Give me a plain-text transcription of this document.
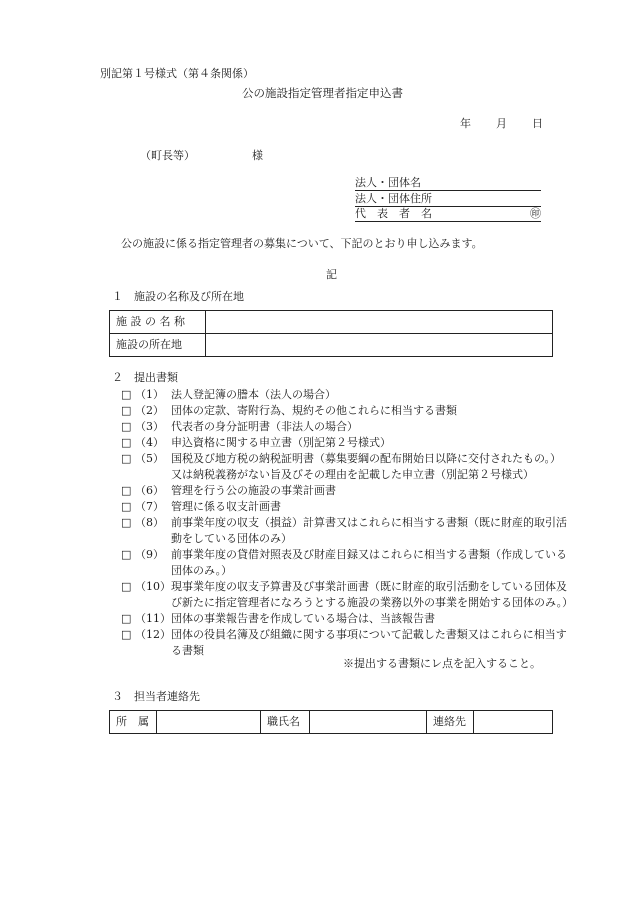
別記第１号様式（第４条関係）
公の施設指定管理者指定申込書
年 月 日
（町長等）	様
法人・団体名
法人・団体住所
代　表　者　名	㊞
公の施設に係る指定管理者の募集について、下記のとおり申し込みます。
記
１　施設の名称及び所在地
施 設 の 名 称	
施設の所在地	
２　提出書類
□ （1） 法人登記簿の謄本（法人の場合）
□ （2） 団体の定款、寄附行為、規約その他これらに相当する書類
□ （3） 代表者の身分証明書（非法人の場合）
□ （4） 申込資格に関する申立書（別記第２号様式）
□ （5） 国税及び地方税の納税証明書（募集要綱の配布開始日以降に交付されたもの。）又は納税義務がない旨及びその理由を記載した申立書（別記第２号様式）
□ （6） 管理を行う公の施設の事業計画書
□ （7） 管理に係る収支計画書
□ （8） 前事業年度の収支（損益）計算書又はこれらに相当する書類（既に財産的取引活動をしている団体のみ）
□ （9） 前事業年度の貸借対照表及び財産目録又はこれらに相当する書類（作成している団体のみ。）
□ （10） 現事業年度の収支予算書及び事業計画書（既に財産的取引活動をしている団体及び新たに指定管理者になろうとする施設の業務以外の事業を開始する団体のみ。）
□ （11） 団体の事業報告書を作成している場合は、当該報告書
□ （12） 団体の役員名簿及び組織に関する事項について記載した書類又はこれらに相当する書類
※提出する書類にレ点を記入すること。
３　担当者連絡先
所　属		職氏名		連絡先	
